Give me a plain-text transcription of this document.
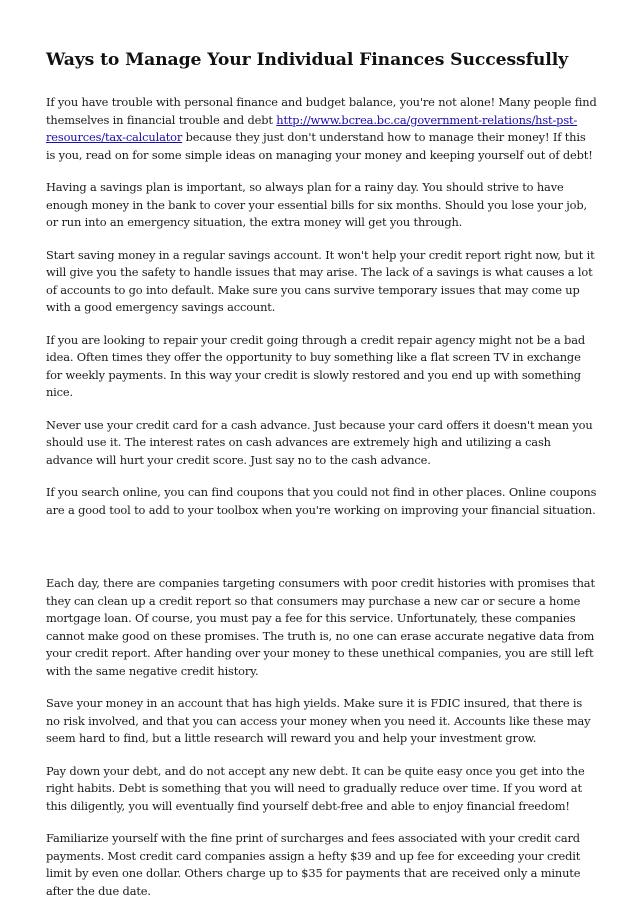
Ways to Manage Your Individual Finances Successfully

If you have trouble with personal finance and budget balance, you're not alone! Many people find themselves in financial trouble and debt http://www.bcrea.bc.ca/government-relations/hst-pst-resources/tax-calculator because they just don't understand how to manage their money! If this is you, read on for some simple ideas on managing your money and keeping yourself out of debt!

Having a savings plan is important, so always plan for a rainy day. You should strive to have enough money in the bank to cover your essential bills for six months. Should you lose your job, or run into an emergency situation, the extra money will get you through.

Start saving money in a regular savings account. It won't help your credit report right now, but it will give you the safety to handle issues that may arise. The lack of a savings is what causes a lot of accounts to go into default. Make sure you cans survive temporary issues that may come up with a good emergency savings account.

If you are looking to repair your credit going through a credit repair agency might not be a bad idea. Often times they offer the opportunity to buy something like a flat screen TV in exchange for weekly payments. In this way your credit is slowly restored and you end up with something nice.

Never use your credit card for a cash advance. Just because your card offers it doesn't mean you should use it. The interest rates on cash advances are extremely high and utilizing a cash advance will hurt your credit score. Just say no to the cash advance.

If you search online, you can find coupons that you could not find in other places. Online coupons are a good tool to add to your toolbox when you're working on improving your financial situation.

Each day, there are companies targeting consumers with poor credit histories with promises that they can clean up a credit report so that consumers may purchase a new car or secure a home mortgage loan. Of course, you must pay a fee for this service. Unfortunately, these companies cannot make good on these promises. The truth is, no one can erase accurate negative data from your credit report. After handing over your money to these unethical companies, you are still left with the same negative credit history.

Save your money in an account that has high yields. Make sure it is FDIC insured, that there is no risk involved, and that you can access your money when you need it. Accounts like these may seem hard to find, but a little research will reward you and help your investment grow.

Pay down your debt, and do not accept any new debt. It can be quite easy once you get into the right habits. Debt is something that you will need to gradually reduce over time. If you word at this diligently, you will eventually find yourself debt-free and able to enjoy financial freedom!

Familiarize yourself with the fine print of surcharges and fees associated with your credit card payments. Most credit card companies assign a hefty $39 and up fee for exceeding your credit limit by even one dollar. Others charge up to $35 for payments that are received only a minute after the due date.
